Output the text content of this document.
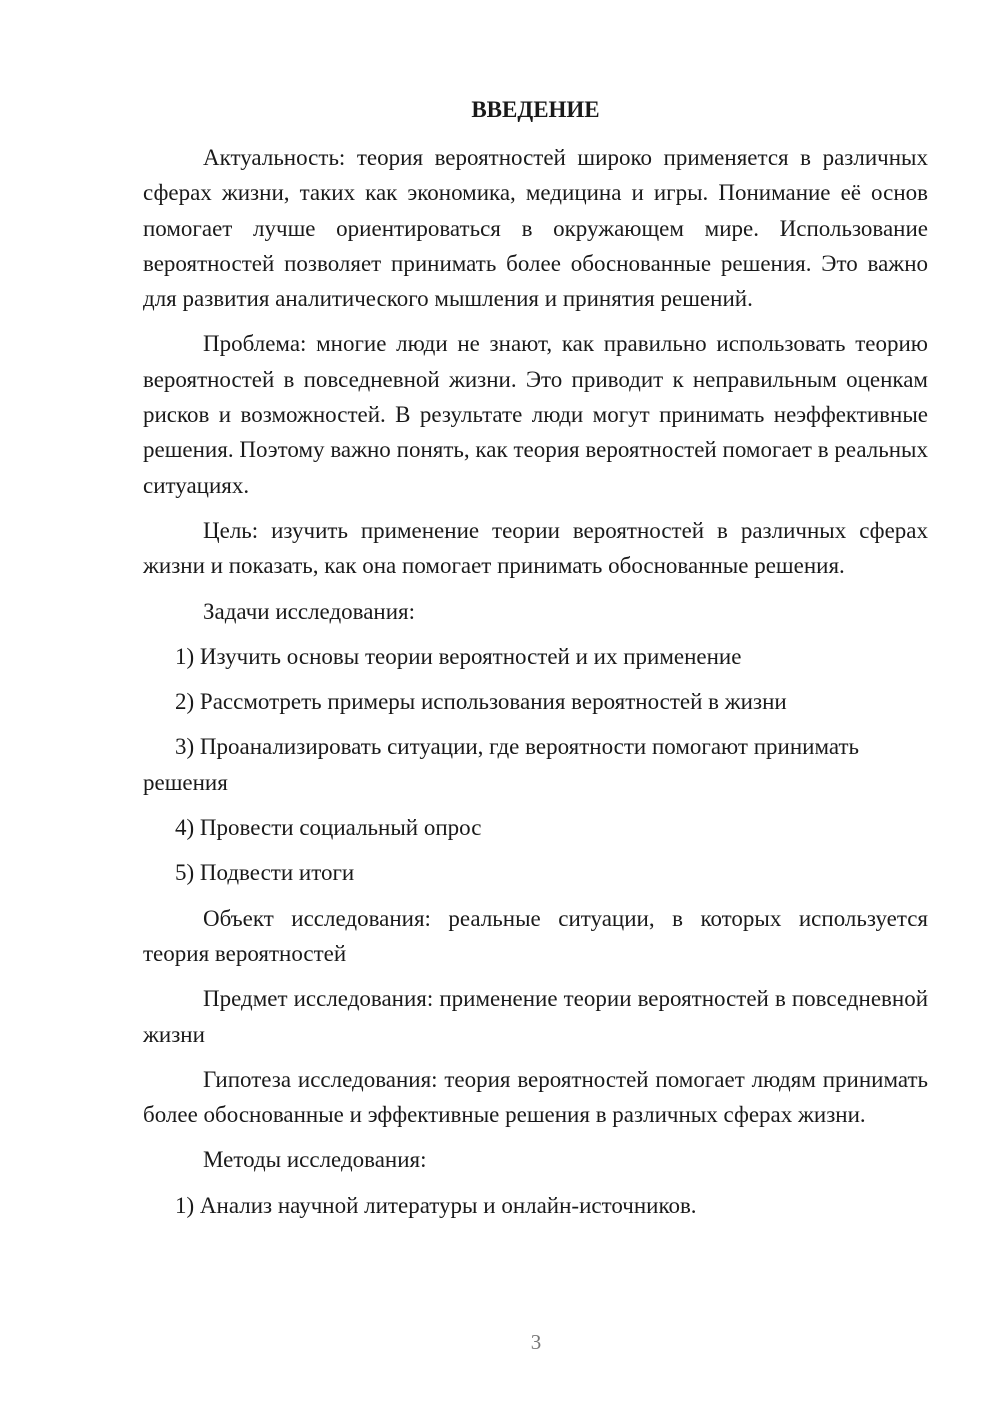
ВВЕДЕНИЕ

Актуальность: теория вероятностей широко применяется в различных сферах жизни, таких как экономика, медицина и игры. Понимание её основ помогает лучше ориентироваться в окружающем мире. Использование вероятностей позволяет принимать более обоснованные решения. Это важно для развития аналитического мышления и принятия решений.

Проблема: многие люди не знают, как правильно использовать теорию вероятностей в повседневной жизни. Это приводит к неправильным оценкам рисков и возможностей. В результате люди могут принимать неэффективные решения. Поэтому важно понять, как теория вероятностей помогает в реальных ситуациях.

Цель: изучить применение теории вероятностей в различных сферах жизни и показать, как она помогает принимать обоснованные решения.

Задачи исследования:

1) Изучить основы теории вероятностей и их применение

2) Рассмотреть примеры использования вероятностей в жизни

3) Проанализировать ситуации, где вероятности помогают принимать решения

4) Провести социальный опрос

5) Подвести итоги

Объект исследования: реальные ситуации, в которых используется теория вероятностей

Предмет исследования: применение теории вероятностей в повседневной жизни

Гипотеза исследования: теория вероятностей помогает людям принимать более обоснованные и эффективные решения в различных сферах жизни.

Методы исследования:

1) Анализ научной литературы и онлайн-источников.

3
